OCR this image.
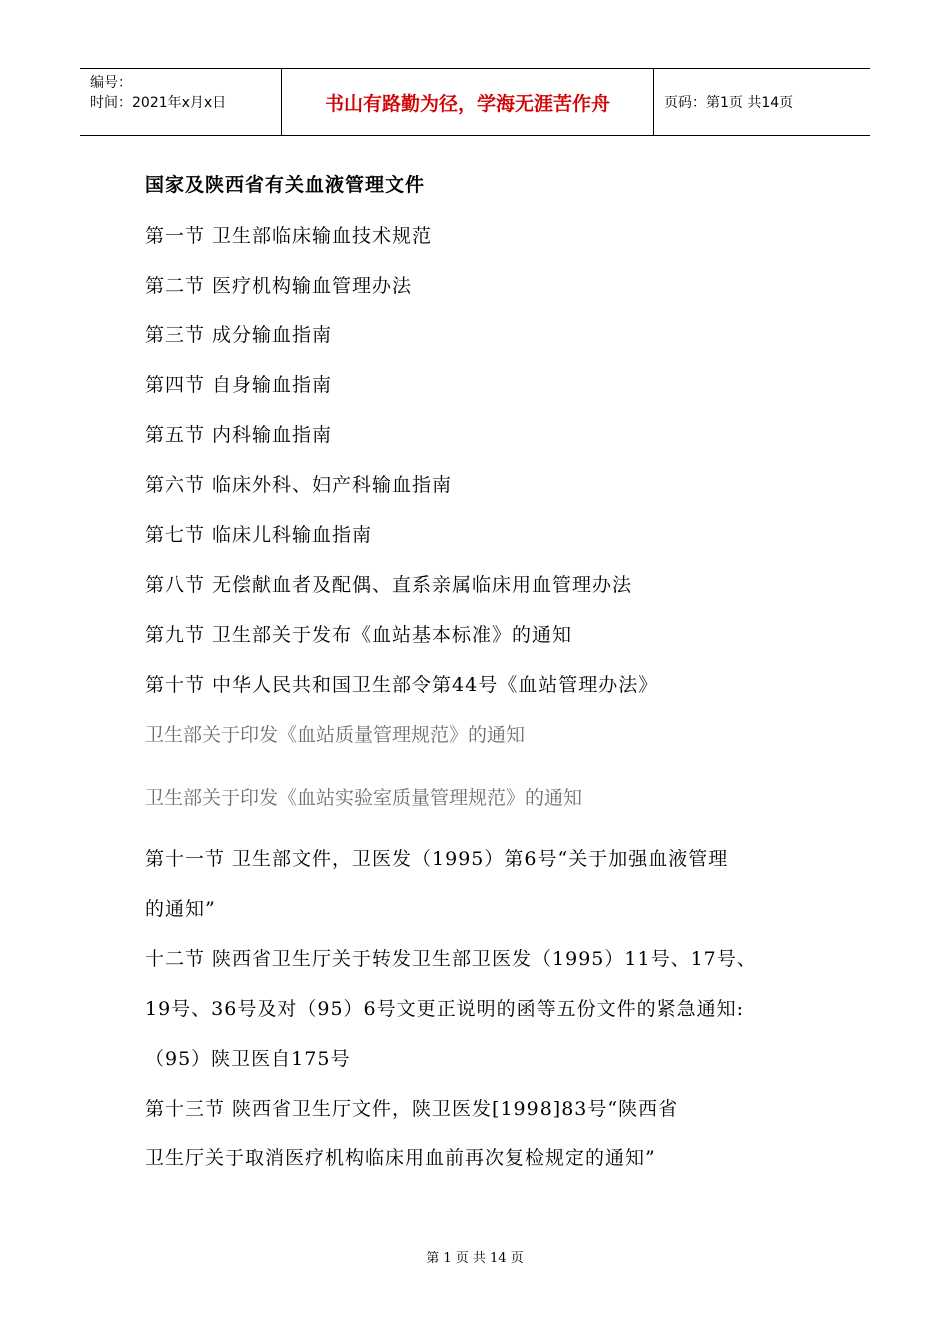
编号：
时间：2021年x月x日	书山有路勤为径，学海无涯苦作舟	页码：第1页 共14页
国家及陕西省有关血液管理文件
第一节 卫生部临床输血技术规范
第二节 医疗机构输血管理办法
第三节 成分输血指南
第四节 自身输血指南
第五节 内科输血指南
第六节 临床外科、妇产科输血指南
第七节 临床儿科输血指南
第八节 无偿献血者及配偶、直系亲属临床用血管理办法
第九节 卫生部关于发布《血站基本标准》的通知
第十节 中华人民共和国卫生部令第44号《血站管理办法》
卫生部关于印发《血站质量管理规范》的通知
卫生部关于印发《血站实验室质量管理规范》的通知
第十一节 卫生部文件，卫医发（1995）第6号“关于加强血液管理
的通知”
十二节 陕西省卫生厅关于转发卫生部卫医发（1995）11号、17号、
19号、36号及对（95）6号文更正说明的函等五份文件的紧急通知:
（95）陕卫医自175号
第十三节 陕西省卫生厅文件，陕卫医发[1998]83号“陕西省
卫生厅关于取消医疗机构临床用血前再次复检规定的通知”
第 1 页 共 14 页
